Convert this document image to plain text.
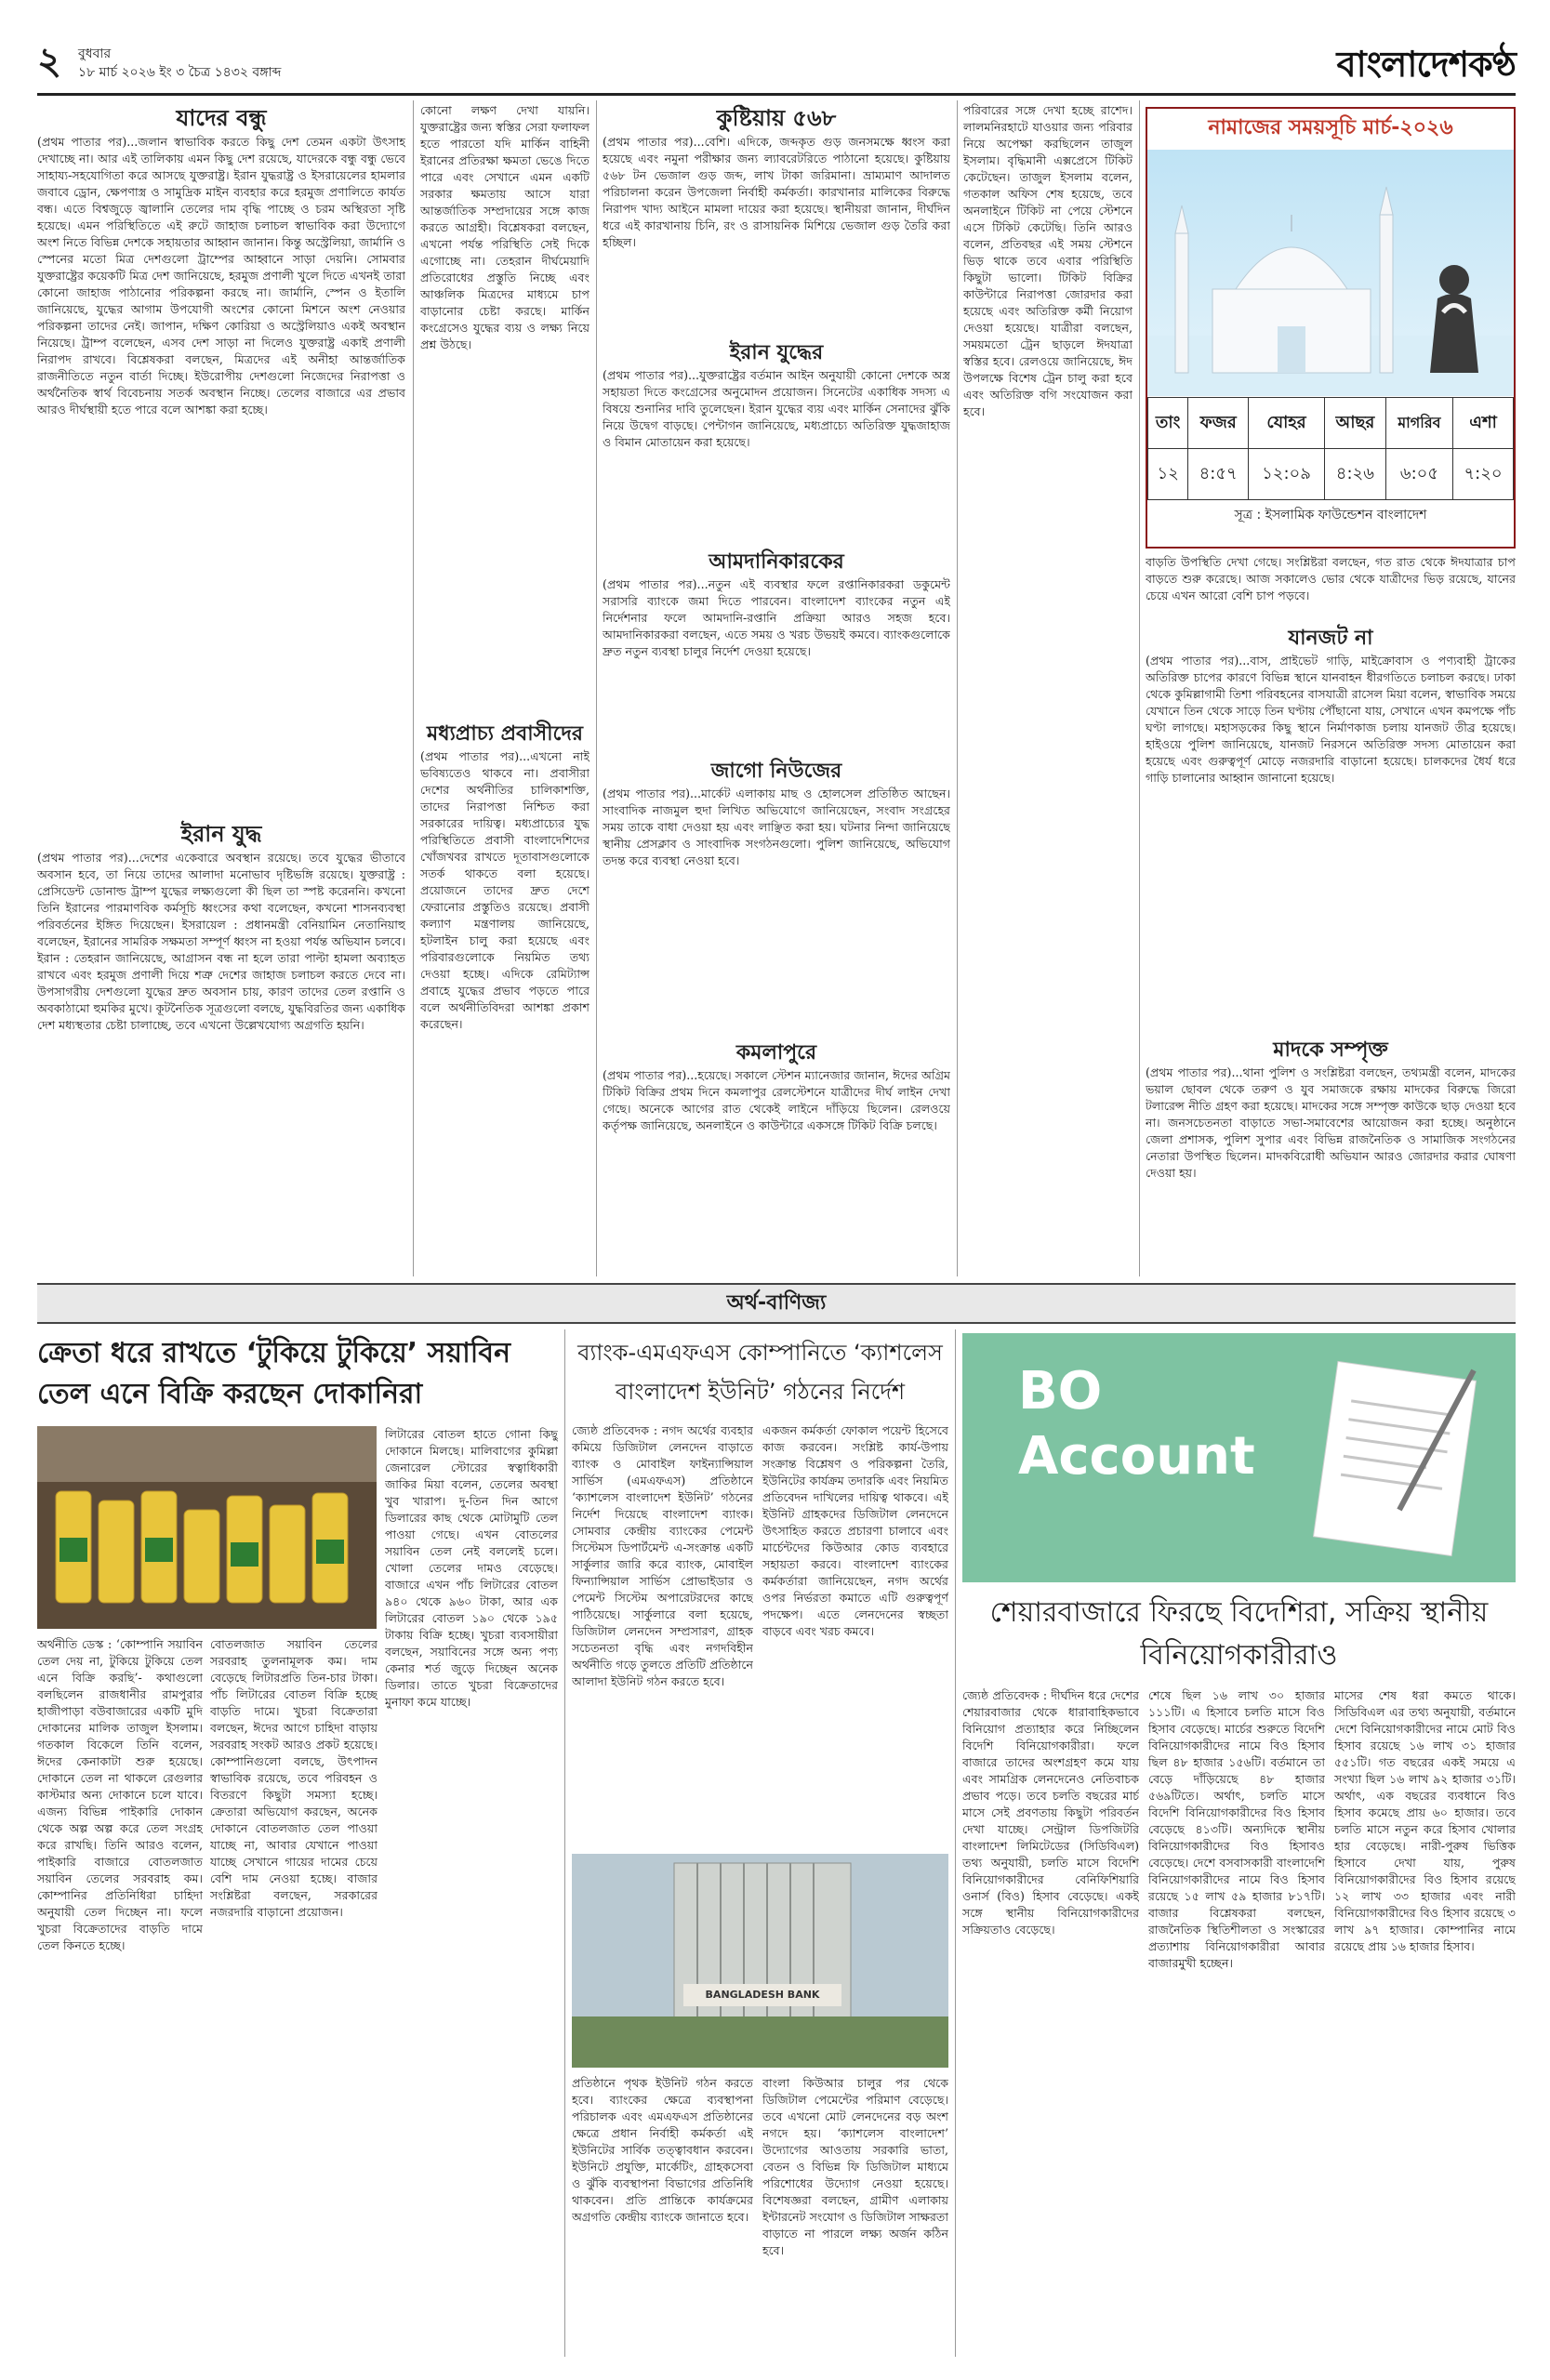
২ বুধবার
১৮ মার্চ ২০২৬ ইং ৩ চৈত্র ১৪৩২ বঙ্গাব্দ	বাংলাদেশকণ্ঠ
যাদের বন্ধু
(প্রথম পাতার পর)...জলান স্বাভাবিক করতে কিছু দেশ তেমন একটা উৎসাহ দেখাচ্ছে না। আর এই তালিকায় এমন কিছু দেশ রয়েছে, যাদেরকে বন্ধু বন্ধু ভেবে সাহায্য-সহযোগিতা করে আসছে যুক্তরাষ্ট্র। ইরান যুদ্ধরাষ্ট্র ও ইসরায়েলের হামলার জবাবে ড্রোন, ক্ষেপণাস্ত্র ও সামুদ্রিক মাইন ব্যবহার করে হরমুজ প্রণালিতে কার্যত বন্ধ। এতে বিশ্বজুড়ে জ্বালানি তেলের দাম বৃদ্ধি পাচ্ছে ও চরম অস্থিরতা সৃষ্টি হয়েছে। এমন পরিস্থিতিতে এই রুটে জাহাজ চলাচল স্বাভাবিক করা উদ্যোগে অংশ নিতে বিভিন্ন দেশকে সহায়তার আহ্বান জানান। কিন্তু অস্ট্রেলিয়া, জার্মানি ও স্পেনের মতো মিত্র দেশগুলো ট্রাম্পের আহ্বানে সাড়া দেয়নি। সোমবার যুক্তরাষ্ট্রের কয়েকটি মিত্র দেশ জানিয়েছে, হরমুজ প্রণালী খুলে দিতে এখনই তারা কোনো জাহাজ পাঠানোর পরিকল্পনা করছে না। জার্মানি, স্পেন ও ইতালি জানিয়েছে, যুদ্ধের আগাম উপযোগী অংশের কোনো মিশনে অংশ নেওয়ার পরিকল্পনা তাদের নেই। জাপান, দক্ষিণ কোরিয়া ও অস্ট্রেলিয়াও একই অবস্থান নিয়েছে। ট্রাম্প বলেছেন, এসব দেশ সাড়া না দিলেও যুক্তরাষ্ট্র একাই প্রণালী নিরাপদ রাখবে। বিশ্লেষকরা বলছেন, মিত্রদের এই অনীহা আন্তর্জাতিক রাজনীতিতে নতুন বার্তা দিচ্ছে। ইউরোপীয় দেশগুলো নিজেদের নিরাপত্তা ও অর্থনৈতিক স্বার্থ বিবেচনায় সতর্ক অবস্থান নিচ্ছে। তেলের বাজারে এর প্রভাব আরও দীর্ঘস্থায়ী হতে পারে বলে আশঙ্কা করা হচ্ছে।
ইরান যুদ্ধ
(প্রথম পাতার পর)...দেশের একেবারে অবস্থান রয়েছে। তবে যুদ্ধের ভীতাবে অবসান হবে, তা নিয়ে তাদের আলাদা মনোভাব দৃষ্টিভঙ্গি রয়েছে। যুক্তরাষ্ট্র : প্রেসিডেন্ট ডোনাল্ড ট্রাম্প যুদ্ধের লক্ষ্যগুলো কী ছিল তা স্পষ্ট করেননি। কখনো তিনি ইরানের পারমাণবিক কর্মসূচি ধ্বংসের কথা বলেছেন, কখনো শাসনব্যবস্থা পরিবর্তনের ইঙ্গিত দিয়েছেন। ইসরায়েল : প্রধানমন্ত্রী বেনিয়ামিন নেতানিয়াহু বলেছেন, ইরানের সামরিক সক্ষমতা সম্পূর্ণ ধ্বংস না হওয়া পর্যন্ত অভিযান চলবে। ইরান : তেহরান জানিয়েছে, আগ্রাসন বন্ধ না হলে তারা পাল্টা হামলা অব্যাহত রাখবে এবং হরমুজ প্রণালী দিয়ে শত্রু দেশের জাহাজ চলাচল করতে দেবে না। উপসাগরীয় দেশগুলো যুদ্ধের দ্রুত অবসান চায়, কারণ তাদের তেল রপ্তানি ও অবকাঠামো হুমকির মুখে। কূটনৈতিক সূত্রগুলো বলছে, যুদ্ধবিরতির জন্য একাধিক দেশ মধ্যস্থতার চেষ্টা চালাচ্ছে, তবে এখনো উল্লেখযোগ্য অগ্রগতি হয়নি।
কোনো লক্ষণ দেখা যায়নি। যুক্তরাষ্ট্রের জন্য স্বস্তির সেরা ফলাফল হতে পারতো যদি মার্কিন বাহিনী ইরানের প্রতিরক্ষা ক্ষমতা ভেঙে দিতে পারে এবং সেখানে এমন একটি সরকার ক্ষমতায় আসে যারা আন্তর্জাতিক সম্প্রদায়ের সঙ্গে কাজ করতে আগ্রহী। বিশ্লেষকরা বলছেন, এখনো পর্যন্ত পরিস্থিতি সেই দিকে এগোচ্ছে না। তেহরান দীর্ঘমেয়াদি প্রতিরোধের প্রস্তুতি নিচ্ছে এবং আঞ্চলিক মিত্রদের মাধ্যমে চাপ বাড়ানোর চেষ্টা করছে। মার্কিন কংগ্রেসেও যুদ্ধের ব্যয় ও লক্ষ্য নিয়ে প্রশ্ন উঠছে।
মধ্যপ্রাচ্য প্রবাসীদের
(প্রথম পাতার পর)...এখনো নাই ভবিষ্যতেও থাকবে না। প্রবাসীরা দেশের অর্থনীতির চালিকাশক্তি, তাদের নিরাপত্তা নিশ্চিত করা সরকারের দায়িত্ব। মধ্যপ্রাচ্যের যুদ্ধ পরিস্থিতিতে প্রবাসী বাংলাদেশিদের খোঁজখবর রাখতে দূতাবাসগুলোকে সতর্ক থাকতে বলা হয়েছে। প্রয়োজনে তাদের দ্রুত দেশে ফেরানোর প্রস্তুতিও রয়েছে। প্রবাসী কল্যাণ মন্ত্রণালয় জানিয়েছে, হটলাইন চালু করা হয়েছে এবং পরিবারগুলোকে নিয়মিত তথ্য দেওয়া হচ্ছে। এদিকে রেমিট্যান্স প্রবাহে যুদ্ধের প্রভাব পড়তে পারে বলে অর্থনীতিবিদরা আশঙ্কা প্রকাশ করেছেন।
কুষ্টিয়ায় ৫৬৮
(প্রথম পাতার পর)...বেশি। এদিকে, জব্দকৃত গুড় জনসমক্ষে ধ্বংস করা হয়েছে এবং নমুনা পরীক্ষার জন্য ল্যাবরেটরিতে পাঠানো হয়েছে। কুষ্টিয়ায় ৫৬৮ টন ভেজাল গুড় জব্দ, লাখ টাকা জরিমানা। ভ্রাম্যমাণ আদালত পরিচালনা করেন উপজেলা নির্বাহী কর্মকর্তা। কারখানার মালিকের বিরুদ্ধে নিরাপদ খাদ্য আইনে মামলা দায়ের করা হয়েছে। স্থানীয়রা জানান, দীর্ঘদিন ধরে এই কারখানায় চিনি, রং ও রাসায়নিক মিশিয়ে ভেজাল গুড় তৈরি করা হচ্ছিল।
ইরান যুদ্ধের
(প্রথম পাতার পর)...যুক্তরাষ্ট্রের বর্তমান আইন অনুযায়ী কোনো দেশকে অস্ত্র সহায়তা দিতে কংগ্রেসের অনুমোদন প্রয়োজন। সিনেটের একাধিক সদস্য এ বিষয়ে শুনানির দাবি তুলেছেন। ইরান যুদ্ধের ব্যয় এবং মার্কিন সেনাদের ঝুঁকি নিয়ে উদ্বেগ বাড়ছে। পেন্টাগন জানিয়েছে, মধ্যপ্রাচ্যে অতিরিক্ত যুদ্ধজাহাজ ও বিমান মোতায়েন করা হয়েছে।
আমদানিকারকের
(প্রথম পাতার পর)...নতুন এই ব্যবস্থার ফলে রপ্তানিকারকরা ডকুমেন্ট সরাসরি ব্যাংকে জমা দিতে পারবেন। বাংলাদেশ ব্যাংকের নতুন এই নির্দেশনার ফলে আমদানি-রপ্তানি প্রক্রিয়া আরও সহজ হবে। আমদানিকারকরা বলছেন, এতে সময় ও খরচ উভয়ই কমবে। ব্যাংকগুলোকে দ্রুত নতুন ব্যবস্থা চালুর নির্দেশ দেওয়া হয়েছে।
জাগো নিউজের
(প্রথম পাতার পর)...মার্কেট এলাকায় মাছ ও হোলসেল প্রতিষ্ঠিত আছেন। সাংবাদিক নাজমুল হুদা লিখিত অভিযোগে জানিয়েছেন, সংবাদ সংগ্রহের সময় তাকে বাধা দেওয়া হয় এবং লাঞ্ছিত করা হয়। ঘটনার নিন্দা জানিয়েছে স্থানীয় প্রেসক্লাব ও সাংবাদিক সংগঠনগুলো। পুলিশ জানিয়েছে, অভিযোগ তদন্ত করে ব্যবস্থা নেওয়া হবে।
কমলাপুরে
(প্রথম পাতার পর)...হয়েছে। সকালে স্টেশন ম্যানেজার জানান, ঈদের অগ্রিম টিকিট বিক্রির প্রথম দিনে কমলাপুর রেলস্টেশনে যাত্রীদের দীর্ঘ লাইন দেখা গেছে। অনেকে আগের রাত থেকেই লাইনে দাঁড়িয়ে ছিলেন। রেলওয়ে কর্তৃপক্ষ জানিয়েছে, অনলাইনে ও কাউন্টারে একসঙ্গে টিকিট বিক্রি চলছে।
পরিবারের সঙ্গে দেখা হচ্ছে রাশেদ। লালমনিরহাটে যাওয়ার জন্য পরিবার নিয়ে অপেক্ষা করছিলেন তাজুল ইসলাম। বৃদ্ধিমানী এক্সপ্রেসে টিকিট কেটেছেন। তাজুল ইসলাম বলেন, গতকাল অফিস শেষ হয়েছে, তবে অনলাইনে টিকিট না পেয়ে স্টেশনে এসে টিকিট কেটেছি। তিনি আরও বলেন, প্রতিবছর এই সময় স্টেশনে ভিড় থাকে তবে এবার পরিস্থিতি কিছুটা ভালো। টিকিট বিক্রির কাউন্টারে নিরাপত্তা জোরদার করা হয়েছে এবং অতিরিক্ত কর্মী নিয়োগ দেওয়া হয়েছে। যাত্রীরা বলছেন, সময়মতো ট্রেন ছাড়লে ঈদযাত্রা স্বস্তির হবে। রেলওয়ে জানিয়েছে, ঈদ উপলক্ষে বিশেষ ট্রেন চালু করা হবে এবং অতিরিক্ত বগি সংযোজন করা হবে।
নামাজের সময়সূচি মার্চ-২০২৬
তাং	ফজর	যোহর	আছর	মাগরিব	এশা
১২	৪:৫৭	১২:০৯	৪:২৬	৬:০৫	৭:২০
সূত্র : ইসলামিক ফাউন্ডেশন বাংলাদেশ
বাড়তি উপস্থিতি দেখা গেছে। সংশ্লিষ্টরা বলছেন, গত রাত থেকে ঈদযাত্রার চাপ বাড়তে শুরু করেছে। আজ সকালেও ভোর থেকে যাত্রীদের ভিড় রয়েছে, যানের চেয়ে এখন আরো বেশি চাপ পড়বে।
যানজট না
(প্রথম পাতার পর)...বাস, প্রাইভেট গাড়ি, মাইক্রোবাস ও পণ্যবাহী ট্রাকের অতিরিক্ত চাপের কারণে বিভিন্ন স্থানে যানবাহন ধীরগতিতে চলাচল করছে। ঢাকা থেকে কুমিল্লাগামী তিশা পরিবহনের বাসযাত্রী রাসেল মিয়া বলেন, স্বাভাবিক সময়ে যেখানে তিন থেকে সাড়ে তিন ঘণ্টায় পৌঁছানো যায়, সেখানে এখন কমপক্ষে পাঁচ ঘণ্টা লাগছে। মহাসড়কের কিছু স্থানে নির্মাণকাজ চলায় যানজট তীব্র হয়েছে। হাইওয়ে পুলিশ জানিয়েছে, যানজট নিরসনে অতিরিক্ত সদস্য মোতায়েন করা হয়েছে এবং গুরুত্বপূর্ণ মোড়ে নজরদারি বাড়ানো হয়েছে। চালকদের ধৈর্য ধরে গাড়ি চালানোর আহ্বান জানানো হয়েছে।
মাদকে সম্পৃক্ত
(প্রথম পাতার পর)...থানা পুলিশ ও সংশ্লিষ্টরা বলছেন, তথ্যমন্ত্রী বলেন, মাদকের ভয়াল ছোবল থেকে তরুণ ও যুব সমাজকে রক্ষায় মাদকের বিরুদ্ধে জিরো টলারেন্স নীতি গ্রহণ করা হয়েছে। মাদকের সঙ্গে সম্পৃক্ত কাউকে ছাড় দেওয়া হবে না। জনসচেতনতা বাড়াতে সভা-সমাবেশের আয়োজন করা হচ্ছে। অনুষ্ঠানে জেলা প্রশাসক, পুলিশ সুপার এবং বিভিন্ন রাজনৈতিক ও সামাজিক সংগঠনের নেতারা উপস্থিত ছিলেন। মাদকবিরোধী অভিযান আরও জোরদার করার ঘোষণা দেওয়া হয়।
অর্থ-বাণিজ্য
ক্রেতা ধরে রাখতে ‘টুকিয়ে টুকিয়ে’ সয়াবিন তেল এনে বিক্রি করছেন দোকানিরা
অর্থনীতি ডেস্ক : ‘কোম্পানি সয়াবিন তেল দেয় না, টুকিয়ে টুকিয়ে তেল এনে বিক্রি করছি’- কথাগুলো বলছিলেন রাজধানীর রামপুরার হাজীপাড়া বউবাজারের একটি মুদি দোকানের মালিক তাজুল ইসলাম। গতকাল বিকেলে তিনি বলেন, ঈদের কেনাকাটা শুরু হয়েছে। দোকানে তেল না থাকলে রেগুলার কাস্টমার অন্য দোকানে চলে যাবে। এজন্য বিভিন্ন পাইকারি দোকান থেকে অল্প অল্প করে তেল সংগ্রহ করে রাখছি। তিনি আরও বলেন, পাইকারি বাজারে বোতলজাত সয়াবিন তেলের সরবরাহ কম। কোম্পানির প্রতিনিধিরা চাহিদা অনুযায়ী তেল দিচ্ছেন না। ফলে খুচরা বিক্রেতাদের বাড়তি দামে তেল কিনতে হচ্ছে।
বোতলজাত সয়াবিন তেলের সরবরাহ তুলনামূলক কম। দাম বেড়েছে লিটারপ্রতি তিন-চার টাকা। পাঁচ লিটারের বোতল বিক্রি হচ্ছে বাড়তি দামে। খুচরা বিক্রেতারা বলছেন, ঈদের আগে চাহিদা বাড়ায় সরবরাহ সংকট আরও প্রকট হয়েছে। কোম্পানিগুলো বলছে, উৎপাদন স্বাভাবিক রয়েছে, তবে পরিবহন ও বিতরণে কিছুটা সমস্যা হচ্ছে। ক্রেতারা অভিযোগ করছেন, অনেক দোকানে বোতলজাত তেল পাওয়া যাচ্ছে না, আবার যেখানে পাওয়া যাচ্ছে সেখানে গায়ের দামের চেয়ে বেশি দাম নেওয়া হচ্ছে। বাজার সংশ্লিষ্টরা বলছেন, সরকারের নজরদারি বাড়ানো প্রয়োজন।
লিটারের বোতল হাতে গোনা কিছু দোকানে মিলছে। মালিবাগের কুমিল্লা জেনারেল স্টোরের স্বত্বাধিকারী জাকির মিয়া বলেন, তেলের অবস্থা খুব খারাপ। দু-তিন দিন আগে ডিলারের কাছ থেকে মোটামুটি তেল পাওয়া গেছে। এখন বোতলের সয়াবিন তেল নেই বললেই চলে। খোলা তেলের দামও বেড়েছে। বাজারে এখন পাঁচ লিটারের বোতল ৯৪০ থেকে ৯৬০ টাকা, আর এক লিটারের বোতল ১৯০ থেকে ১৯৫ টাকায় বিক্রি হচ্ছে। খুচরা ব্যবসায়ীরা বলছেন, সয়াবিনের সঙ্গে অন্য পণ্য কেনার শর্ত জুড়ে দিচ্ছেন অনেক ডিলার। তাতে খুচরা বিক্রেতাদের মুনাফা কমে যাচ্ছে।
ব্যাংক-এমএফএস কোম্পানিতে ‘ক্যাশলেস বাংলাদেশ ইউনিট’ গঠনের নির্দেশ
জ্যেষ্ঠ প্রতিবেদক : নগদ অর্থের ব্যবহার কমিয়ে ডিজিটাল লেনদেন বাড়াতে ব্যাংক ও মোবাইল ফাইন্যান্সিয়াল সার্ভিস (এমএফএস) প্রতিষ্ঠানে ‘ক্যাশলেস বাংলাদেশ ইউনিট’ গঠনের নির্দেশ দিয়েছে বাংলাদেশ ব্যাংক। সোমবার কেন্দ্রীয় ব্যাংকের পেমেন্ট সিস্টেমস ডিপার্টমেন্ট এ-সংক্রান্ত একটি সার্কুলার জারি করে ব্যাংক, মোবাইল ফিন্যান্সিয়াল সার্ভিস প্রোভাইডার ও পেমেন্ট সিস্টেম অপারেটরদের কাছে পাঠিয়েছে। সার্কুলারে বলা হয়েছে, ডিজিটাল লেনদেন সম্প্রসারণ, গ্রাহক সচেতনতা বৃদ্ধি এবং নগদবিহীন অর্থনীতি গড়ে তুলতে প্রতিটি প্রতিষ্ঠানে আলাদা ইউনিট গঠন করতে হবে।
একজন কর্মকর্তা ফোকাল পয়েন্ট হিসেবে কাজ করবেন। সংশ্লিষ্ট কার্য-উপায় সংক্রান্ত বিশ্লেষণ ও পরিকল্পনা তৈরি, ইউনিটের কার্যক্রম তদারকি এবং নিয়মিত প্রতিবেদন দাখিলের দায়িত্ব থাকবে। এই ইউনিট গ্রাহকদের ডিজিটাল লেনদেনে উৎসাহিত করতে প্রচারণা চালাবে এবং মার্চেন্টদের কিউআর কোড ব্যবহারে সহায়তা করবে। বাংলাদেশ ব্যাংকের কর্মকর্তারা জানিয়েছেন, নগদ অর্থের ওপর নির্ভরতা কমাতে এটি গুরুত্বপূর্ণ পদক্ষেপ। এতে লেনদেনের স্বচ্ছতা বাড়বে এবং খরচ কমবে।
BANGLADESH BANK
প্রতিষ্ঠানে পৃথক ইউনিট গঠন করতে হবে। ব্যাংকের ক্ষেত্রে ব্যবস্থাপনা পরিচালক এবং এমএফএস প্রতিষ্ঠানের ক্ষেত্রে প্রধান নির্বাহী কর্মকর্তা এই ইউনিটের সার্বিক তত্ত্বাবধান করবেন। ইউনিটে প্রযুক্তি, মার্কেটিং, গ্রাহকসেবা ও ঝুঁকি ব্যবস্থাপনা বিভাগের প্রতিনিধি থাকবেন। প্রতি প্রান্তিকে কার্যক্রমের অগ্রগতি কেন্দ্রীয় ব্যাংকে জানাতে হবে।
বাংলা কিউআর চালুর পর থেকে ডিজিটাল পেমেন্টের পরিমাণ বেড়েছে। তবে এখনো মোট লেনদেনের বড় অংশ নগদে হয়। ‘ক্যাশলেস বাংলাদেশ’ উদ্যোগের আওতায় সরকারি ভাতা, বেতন ও বিভিন্ন ফি ডিজিটাল মাধ্যমে পরিশোধের উদ্যোগ নেওয়া হয়েছে। বিশেষজ্ঞরা বলছেন, গ্রামীণ এলাকায় ইন্টারনেট সংযোগ ও ডিজিটাল সাক্ষরতা বাড়াতে না পারলে লক্ষ্য অর্জন কঠিন হবে।
BO
Account
শেয়ারবাজারে ফিরছে বিদেশিরা, সক্রিয় স্থানীয় বিনিয়োগকারীরাও
জ্যেষ্ঠ প্রতিবেদক : দীর্ঘদিন ধরে দেশের শেয়ারবাজার থেকে ধারাবাহিকভাবে বিনিয়োগ প্রত্যাহার করে নিচ্ছিলেন বিদেশি বিনিয়োগকারীরা। ফলে বাজারে তাদের অংশগ্রহণ কমে যায় এবং সামগ্রিক লেনদেনেও নেতিবাচক প্রভাব পড়ে। তবে চলতি বছরের মার্চ মাসে সেই প্রবণতায় কিছুটা পরিবর্তন দেখা যাচ্ছে। সেন্ট্রাল ডিপজিটরি বাংলাদেশ লিমিটেডের (সিডিবিএল) তথ্য অনুযায়ী, চলতি মাসে বিদেশি বিনিয়োগকারীদের বেনিফিশিয়ারি ওনার্স (বিও) হিসাব বেড়েছে। একই সঙ্গে স্থানীয় বিনিয়োগকারীদের সক্রিয়তাও বেড়েছে।
শেষে ছিল ১৬ লাখ ৩০ হাজার ১১১টি। এ হিসাবে চলতি মাসে বিও হিসাব বেড়েছে। মার্চের শুরুতে বিদেশি বিনিয়োগকারীদের নামে বিও হিসাব ছিল ৪৮ হাজার ১৫৬টি। বর্তমানে তা বেড়ে দাঁড়িয়েছে ৪৮ হাজার ৫৬৯টিতে। অর্থাৎ, চলতি মাসে বিদেশি বিনিয়োগকারীদের বিও হিসাব বেড়েছে ৪১৩টি। অন্যদিকে স্থানীয় বিনিয়োগকারীদের বিও হিসাবও বেড়েছে। দেশে বসবাসকারী বাংলাদেশি বিনিয়োগকারীদের নামে বিও হিসাব রয়েছে ১৫ লাখ ৫৯ হাজার ৮১৭টি। বাজার বিশ্লেষকরা বলছেন, রাজনৈতিক স্থিতিশীলতা ও সংস্কারের প্রত্যাশায় বিনিয়োগকারীরা আবার বাজারমুখী হচ্ছেন।
মাসের শেষ ধরা কমতে থাকে। সিডিবিএল এর তথ্য অনুযায়ী, বর্তমানে দেশে বিনিয়োগকারীদের নামে মোট বিও হিসাব রয়েছে ১৬ লাখ ৩১ হাজার ৫৫১টি। গত বছরের একই সময়ে এ সংখ্যা ছিল ১৬ লাখ ৯২ হাজার ৩১টি। অর্থাৎ, এক বছরের ব্যবধানে বিও হিসাব কমেছে প্রায় ৬০ হাজার। তবে চলতি মাসে নতুন করে হিসাব খোলার হার বেড়েছে। নারী-পুরুষ ভিত্তিক হিসাবে দেখা যায়, পুরুষ বিনিয়োগকারীদের বিও হিসাব রয়েছে ১২ লাখ ৩৩ হাজার এবং নারী বিনিয়োগকারীদের বিও হিসাব রয়েছে ৩ লাখ ৯৭ হাজার। কোম্পানির নামে রয়েছে প্রায় ১৬ হাজার হিসাব।
